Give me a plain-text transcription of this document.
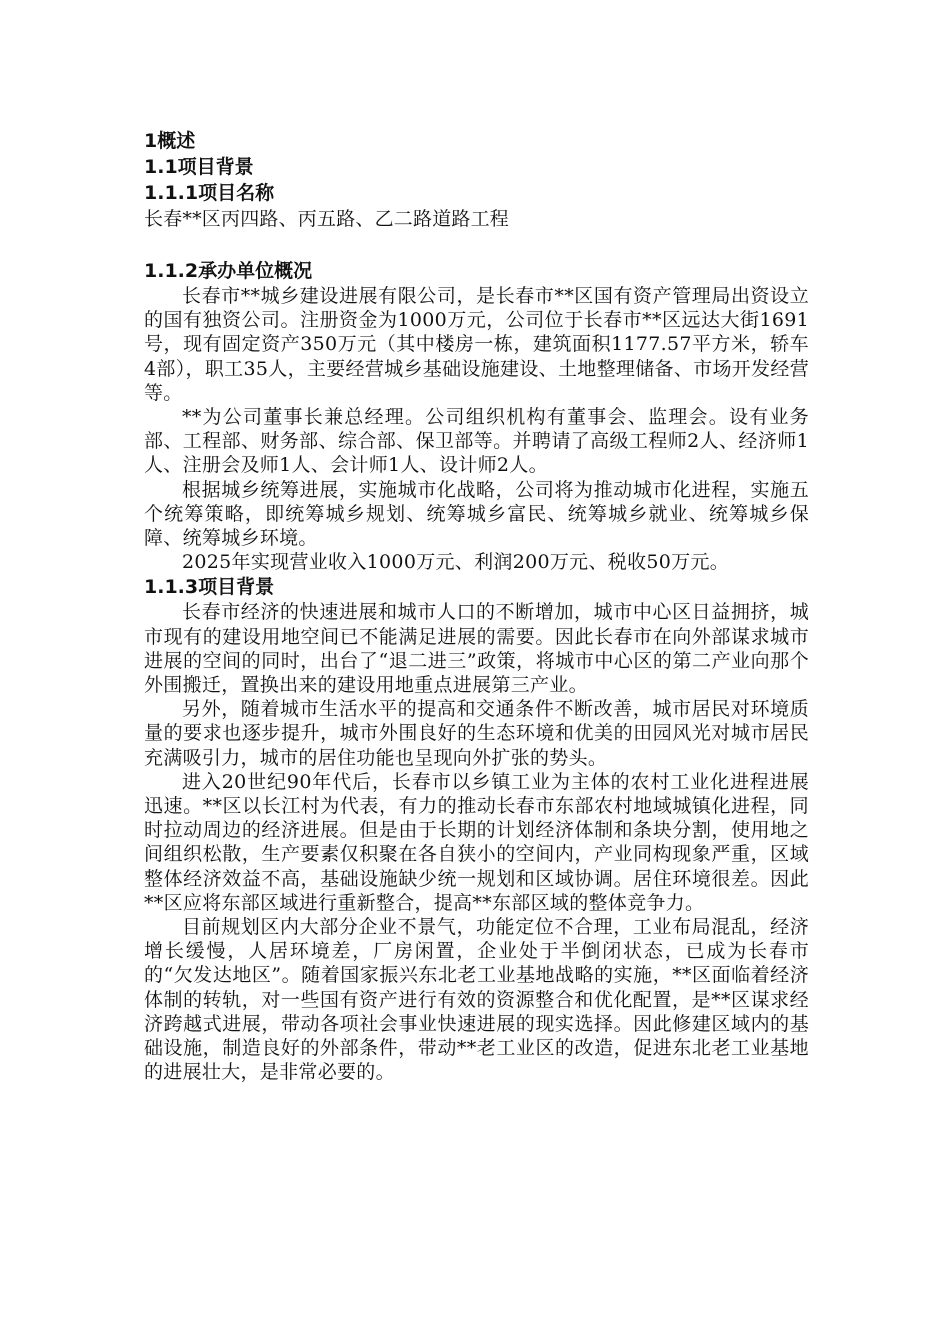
1概述

1.1项目背景

1.1.1项目名称

长春**区丙四路、丙五路、乙二路道路工程

1.1.2承办单位概况

长春市**城乡建设进展有限公司，是长春市**区国有资产管理局出资设立的国有独资公司。注册资金为1000万元，公司位于长春市**区远达大街1691号，现有固定资产350万元（其中楼房一栋，建筑面积1177.57平方米，轿车4部），职工35人，主要经营城乡基础设施建设、土地整理储备、市场开发经营等。

**为公司董事长兼总经理。公司组织机构有董事会、监理会。设有业务部、工程部、财务部、综合部、保卫部等。并聘请了高级工程师2人、经济师1人、注册会及师1人、会计师1人、设计师2人。

根据城乡统筹进展，实施城市化战略，公司将为推动城市化进程，实施五个统筹策略，即统筹城乡规划、统筹城乡富民、统筹城乡就业、统筹城乡保障、统筹城乡环境。

2025年实现营业收入1000万元、利润200万元、税收50万元。

1.1.3项目背景

长春市经济的快速进展和城市人口的不断增加，城市中心区日益拥挤，城市现有的建设用地空间已不能满足进展的需要。因此长春市在向外部谋求城市进展的空间的同时，出台了“退二进三”政策，将城市中心区的第二产业向那个外围搬迁，置换出来的建设用地重点进展第三产业。

另外，随着城市生活水平的提高和交通条件不断改善，城市居民对环境质量的要求也逐步提升，城市外围良好的生态环境和优美的田园风光对城市居民充满吸引力，城市的居住功能也呈现向外扩张的势头。

进入20世纪90年代后，长春市以乡镇工业为主体的农村工业化进程进展迅速。**区以长江村为代表，有力的推动长春市东部农村地域城镇化进程，同时拉动周边的经济进展。但是由于长期的计划经济体制和条块分割，使用地之间组织松散，生产要素仅积聚在各自狭小的空间内，产业同构现象严重，区域整体经济效益不高，基础设施缺少统一规划和区域协调。居住环境很差。因此**区应将东部区域进行重新整合，提高**东部区域的整体竞争力。

目前规划区内大部分企业不景气，功能定位不合理，工业布局混乱，经济增长缓慢，人居环境差，厂房闲置，企业处于半倒闭状态，已成为长春市的“欠发达地区”。随着国家振兴东北老工业基地战略的实施，**区面临着经济体制的转轨，对一些国有资产进行有效的资源整合和优化配置，是**区谋求经济跨越式进展，带动各项社会事业快速进展的现实选择。因此修建区域内的基础设施，制造良好的外部条件，带动**老工业区的改造，促进东北老工业基地的进展壮大，是非常必要的。
